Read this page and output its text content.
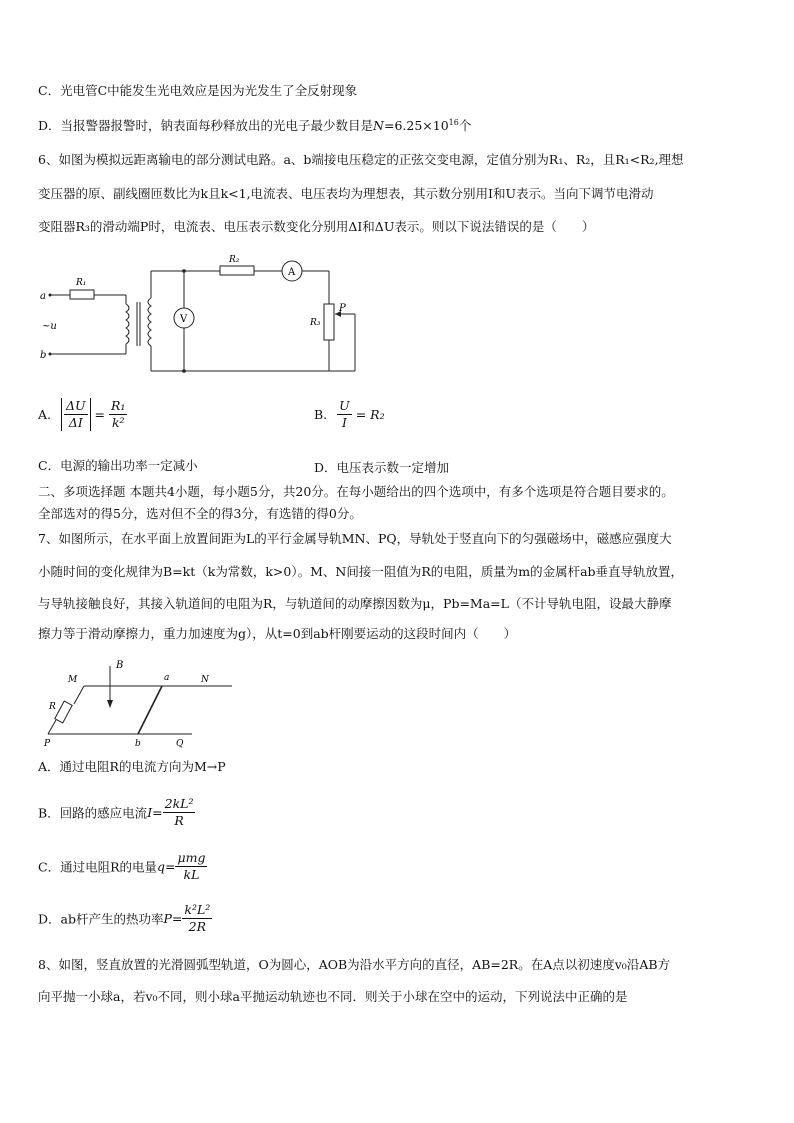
C．光电管C中能发生光电效应是因为光发生了全反射现象
D．当报警器报警时，钠表面每秒释放出的光电子最少数目是$N=6.25\times 10^{16}$个
6、如图为模拟远距离输电的部分测试电路。a、b端接电压稳定的正弦交变电源，定值分别为R₁、R₂，且R₁<R₂,理想
变压器的原、副线圈匝数比为k且k<1,电流表、电压表均为理想表，其示数分别用I和U表示。当向下调节电滑动
变阻器R₃的滑动端P时，电流表、电压表示数变化分别用ΔI和ΔU表示。则以下说法错误的是（　　）
a
b
~u
R₁
R₂
A
V	R₃
P
A. $\frac{\Delta U}{\Delta I} = \frac{\text{R₁}}{\text{k²}}$	B. $\frac{U}{I} = R_2$
C．电源的输出功率一定减小	D．电压表示数一定增加
二、多项选择题 本题共4小题，每小题5分，共20分。在每小题给出的四个选项中，有多个选项是符合题目要求的。
全部选对的得5分，选对但不全的得3分，有选错的得0分。
7、如图所示，在水平面上放置间距为L的平行金属导轨MN、PQ，导轨处于竖直向下的匀强磁场中，磁感应强度大
小随时间的变化规律为B=kt（k为常数，k>0）。M、N间接一阻值为R的电阻，质量为m的金属杆ab垂直导轨放置，
与导轨接触良好，其接入轨道间的电阻为R，与轨道间的动摩擦因数为μ，Pb=Ma=L（不计导轨电阻，设最大静摩
擦力等于滑动摩擦力，重力加速度为g），从t=0到ab杆刚要运动的这段时间内（　　）
B
M	a	N
R
P	b	Q
A．通过电阻R的电流方向为M→P
B．回路的感应电流$I= \frac{\text{2kL²}}{R}$
C．通过电阻R的电量$q= \frac{\text{μmg}}{kL}$
D．ab杆产生的热功率$P= \frac{\text{k²L²}}{2R}$
8、如图，竖直放置的光滑圆弧型轨道，O为圆心，AOB为沿水平方向的直径，AB=2R。在A点以初速度v₀沿AB方
向平抛一小球a，若v₀不同，则小球a平抛运动轨迹也不同．则关于小球在空中的运动，下列说法中正确的是
